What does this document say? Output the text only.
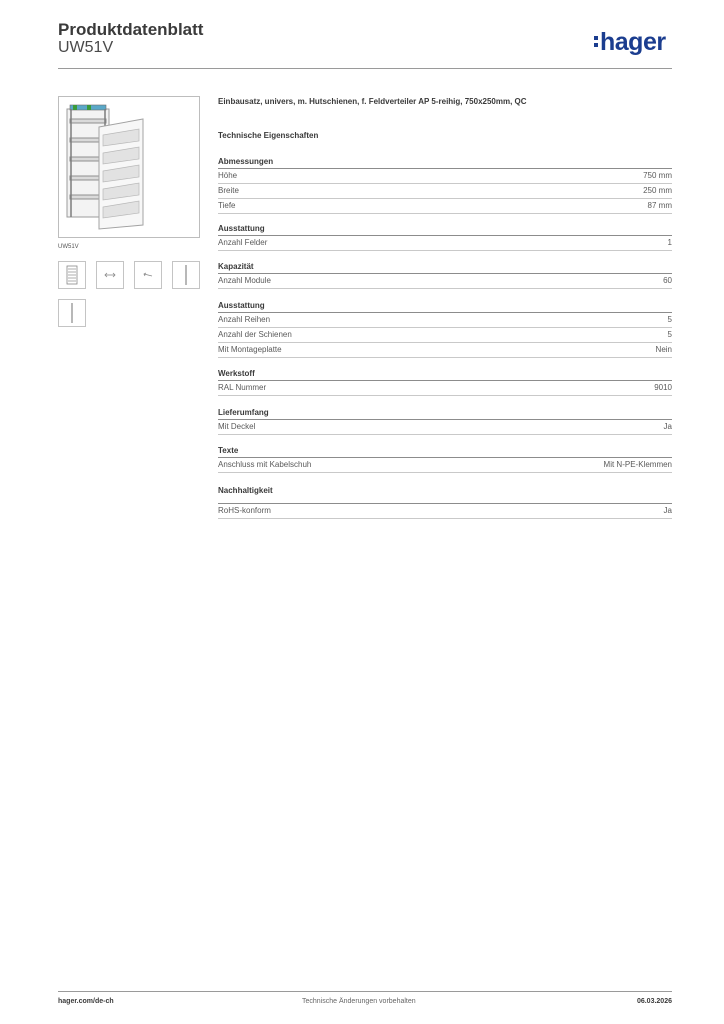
Produktdatenblatt
UW51V	hager
UW51V
Einbausatz, univers, m. Hutschienen, f. Feldverteiler AP 5-reihig, 750x250mm, QC
Technische Eigenschaften
Abmessungen
Höhe	750 mm
Breite	250 mm
Tiefe	87 mm
Ausstattung
Anzahl Felder	1
Kapazität
Anzahl Module	60
Ausstattung
Anzahl Reihen	5
Anzahl der Schienen	5
Mit Montageplatte	Nein
Werkstoff
RAL Nummer	9010
Lieferumfang
Mit Deckel	Ja
Texte
Anschluss mit Kabelschuh	Mit N-PE-Klemmen
Nachhaltigkeit
RoHS-konform	Ja
hager.com/de-ch	Technische Änderungen vorbehalten	06.03.2026
